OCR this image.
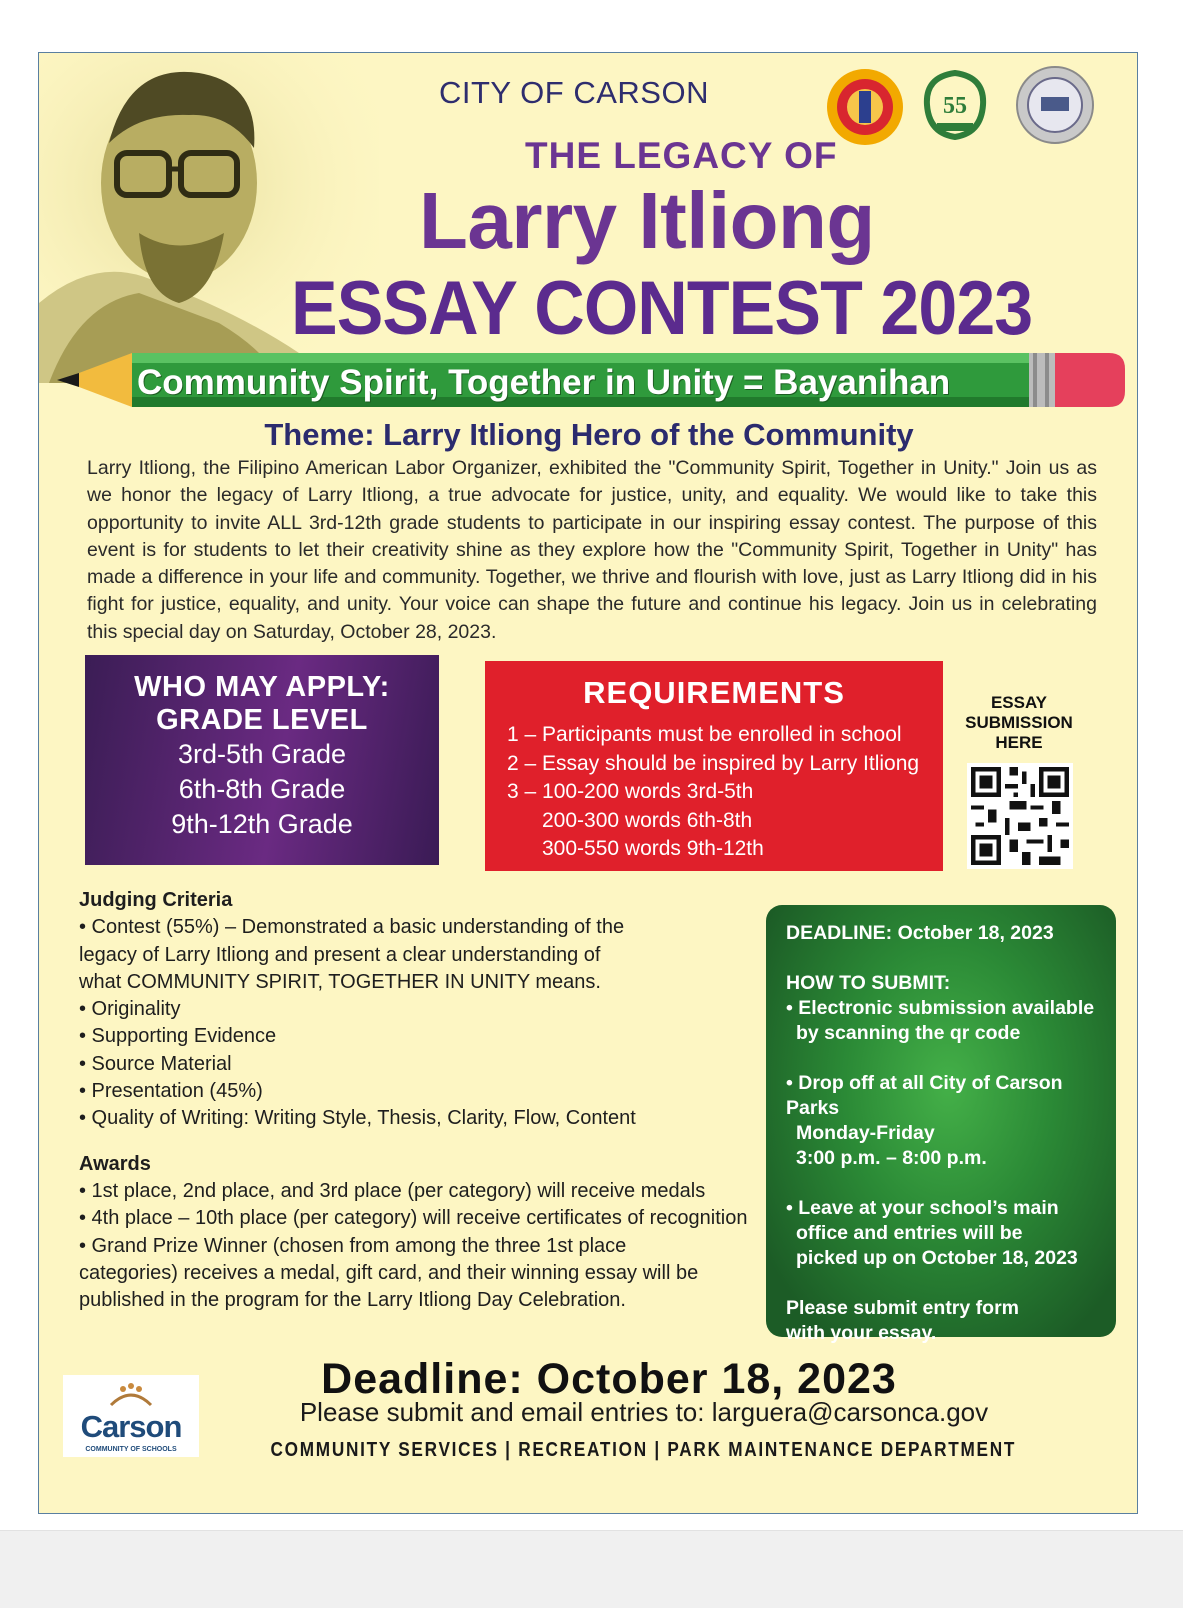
55
CITY OF CARSON
THE LEGACY OF
Larry Itliong
ESSAY CONTEST 2023
Community Spirit, Together in Unity = Bayanihan
Theme: Larry Itliong Hero of the Community
Larry Itliong, the Filipino American Labor Organizer, exhibited the "Community Spirit, Together in Unity." Join us as we honor the legacy of Larry Itliong, a true advocate for justice, unity, and equality. We would like to take this opportunity to invite ALL 3rd-12th grade students to participate in our inspiring essay contest. The purpose of this event is for students to let their creativity shine as they explore how the "Community Spirit, Together in Unity" has made a difference in your life and community. Together, we thrive and flourish with love, just as Larry Itliong did in his fight for justice, equality, and unity. Your voice can shape the future and continue his legacy. Join us in celebrating this special day on Saturday, October 28, 2023.
WHO MAY APPLY:
GRADE LEVEL
3rd-5th Grade
6th-8th Grade
9th-12th Grade
REQUIREMENTS
1 – Participants must be enrolled in school
2 – Essay should be inspired by Larry Itliong
3 – 100-200 words 3rd-5th
200-300 words 6th-8th
300-550 words 9th-12th
ESSAY
SUBMISSION
HERE
Judging Criteria
• Contest (55%) – Demonstrated a basic understanding of the legacy of Larry Itliong and present a clear understanding of what COMMUNITY SPIRIT, TOGETHER IN UNITY means.
• Originality
• Supporting Evidence
• Source Material
• Presentation (45%)
• Quality of Writing: Writing Style, Thesis, Clarity, Flow, Content
Awards
• 1st place, 2nd place, and 3rd place (per category) will receive medals
• 4th place – 10th place (per category) will receive certificates of recognition
• Grand Prize Winner (chosen from among the three 1st place categories) receives a medal, gift card, and their winning essay will be published in the program for the Larry Itliong Day Celebration.

DEADLINE: October 18, 2023

HOW TO SUBMIT:

• Electronic submission available

by scanning the qr code

• Drop off at all City of Carson Parks

Monday-Friday

3:00 p.m. – 8:00 p.m.

• Leave at your school’s main

office and entries will be

picked up on October 18, 2023

Please submit entry form

with your essay.

Carson
COMMUNITY OF SCHOOLS
Deadline: October 18, 2023
Please submit and email entries to: larguera@carsonca.gov
COMMUNITY SERVICES | RECREATION | PARK MAINTENANCE DEPARTMENT
